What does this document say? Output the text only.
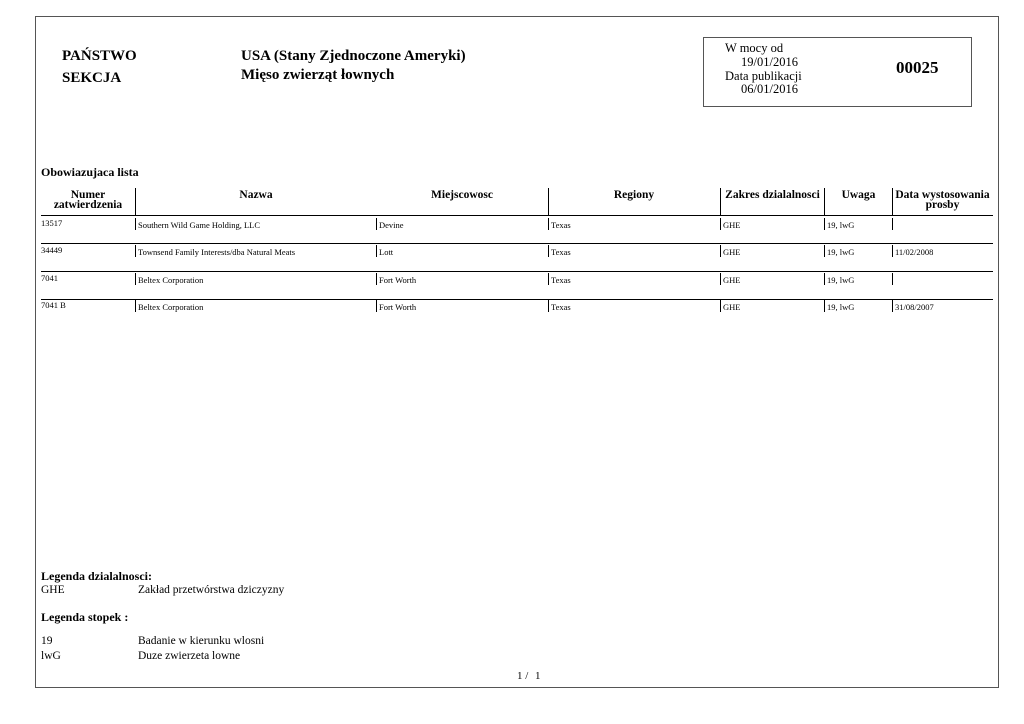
PAŃSTWO
SEKCJA
USA (Stany Zjednoczone Ameryki)
Mięso zwierząt łownych
W mocy od
19/01/2016
Data publikacji
06/01/2016
00025
Obowiazujaca lista
Numer
zatwierdzenia
Nazwa	Miejscowosc	Regiony	Zakres dzialalnosci	Uwaga	Data wystosowania
prosby
13517	Southern Wild Game Holding, LLC	Devine	Texas	GHE	19, lwG
34449	Townsend Family Interests/dba Natural Meats	Lott	Texas	GHE	19, lwG	11/02/2008
7041	Beltex Corporation	Fort Worth	Texas	GHE	19, lwG
7041 B	Beltex Corporation	Fort Worth	Texas	GHE	19, lwG	31/08/2007
Legenda dzialalnosci:
GHE	Zakład przetwórstwa dziczyzny
Legenda stopek :
19	Badanie w kierunku wlosni
lwG	Duze zwierzeta lowne
1 / 1
